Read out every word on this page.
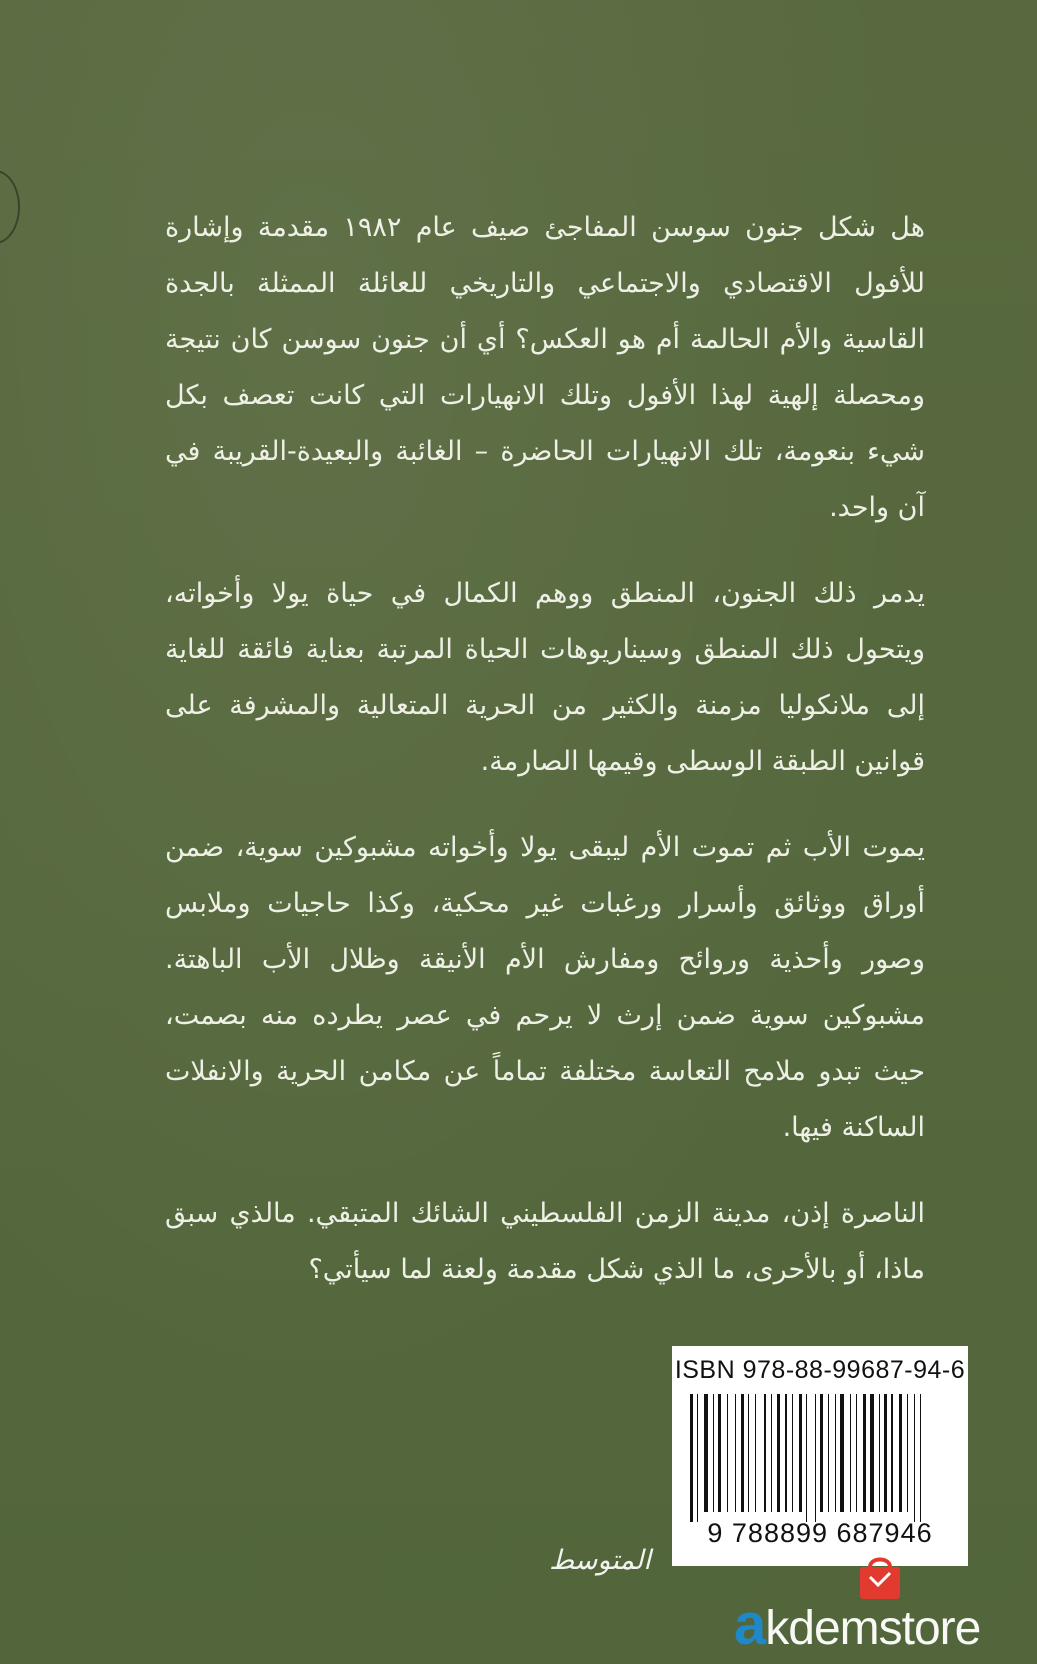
هل شكل جنون سوسن المفاجئ صيف عام ١٩٨٢ مقدمة وإشارة للأفول الاقتصادي والاجتماعي والتاريخي للعائلة الممثلة بالجدة القاسية والأم الحالمة أم هو العكس؟ أي أن جنون سوسن كان نتيجة ومحصلة إلهية لهذا الأفول وتلك الانهيارات التي كانت تعصف بكل شيء بنعومة، تلك الانهيارات الحاضرة – الغائبة والبعيدة-القريبة في آن واحد.

يدمر ذلك الجنون، المنطق ووهم الكمال في حياة يولا وأخواته، ويتحول ذلك المنطق وسيناريوهات الحياة المرتبة بعناية فائقة للغاية إلى ملانكوليا مزمنة والكثير من الحرية المتعالية والمشرفة على قوانين الطبقة الوسطى وقيمها الصارمة.

يموت الأب ثم تموت الأم ليبقى يولا وأخواته مشبوكين سوية، ضمن أوراق ووثائق وأسرار ورغبات غير محكية، وكذا حاجيات وملابس وصور وأحذية وروائح ومفارش الأم الأنيقة وظلال الأب الباهتة. مشبوكين سوية ضمن إرث لا يرحم في عصر يطرده منه بصمت، حيث تبدو ملامح التعاسة مختلفة تماماً عن مكامن الحرية والانفلات الساكنة فيها.

الناصرة إذن، مدينة الزمن الفلسطيني الشائك المتبقي. مالذي سبق ماذا، أو بالأحرى، ما الذي شكل مقدمة ولعنة لما سيأتي؟

ISBN 978-88-99687-94-6
9 788899 687946
المتوسط
akdemstore
